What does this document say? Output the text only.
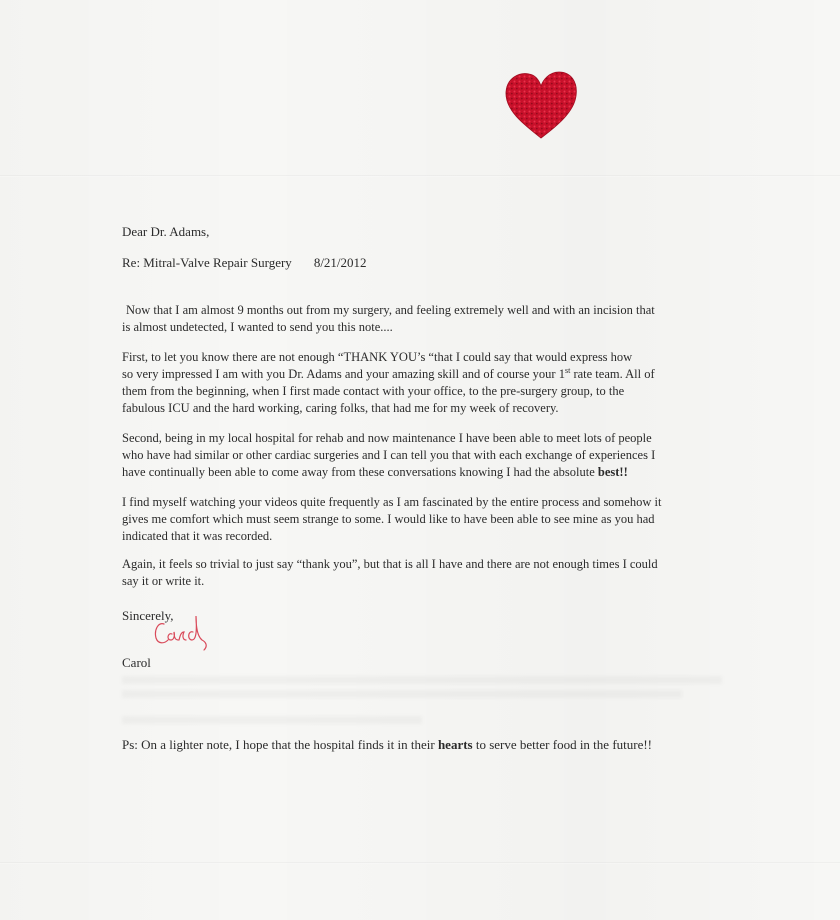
Dear Dr. Adams,
Re: Mitral-Valve Repair Surgery 8/21/2012
Now that I am almost 9 months out from my surgery, and feeling extremely well and with an incision that
is almost undetected, I wanted to send you this note....
First, to let you know there are not enough “THANK YOU’s “that I could say that would express how
so very impressed I am with you Dr. Adams and your amazing skill and of course your 1st rate team. All of
them from the beginning, when I first made contact with your office, to the pre-surgery group, to the
fabulous ICU and the hard working, caring folks, that had me for my week of recovery.
Second, being in my local hospital for rehab and now maintenance I have been able to meet lots of people
who have had similar or other cardiac surgeries and I can tell you that with each exchange of experiences I
have continually been able to come away from these conversations knowing I had the absolute best!!
I find myself watching your videos quite frequently as I am fascinated by the entire process and somehow it
gives me comfort which must seem strange to some. I would like to have been able to see mine as you had
indicated that it was recorded.
Again, it feels so trivial to just say “thank you”, but that is all I have and there are not enough times I could
say it or write it.
Sincerely,
Carol
Ps: On a lighter note, I hope that the hospital finds it in their hearts to serve better food in the future!!
